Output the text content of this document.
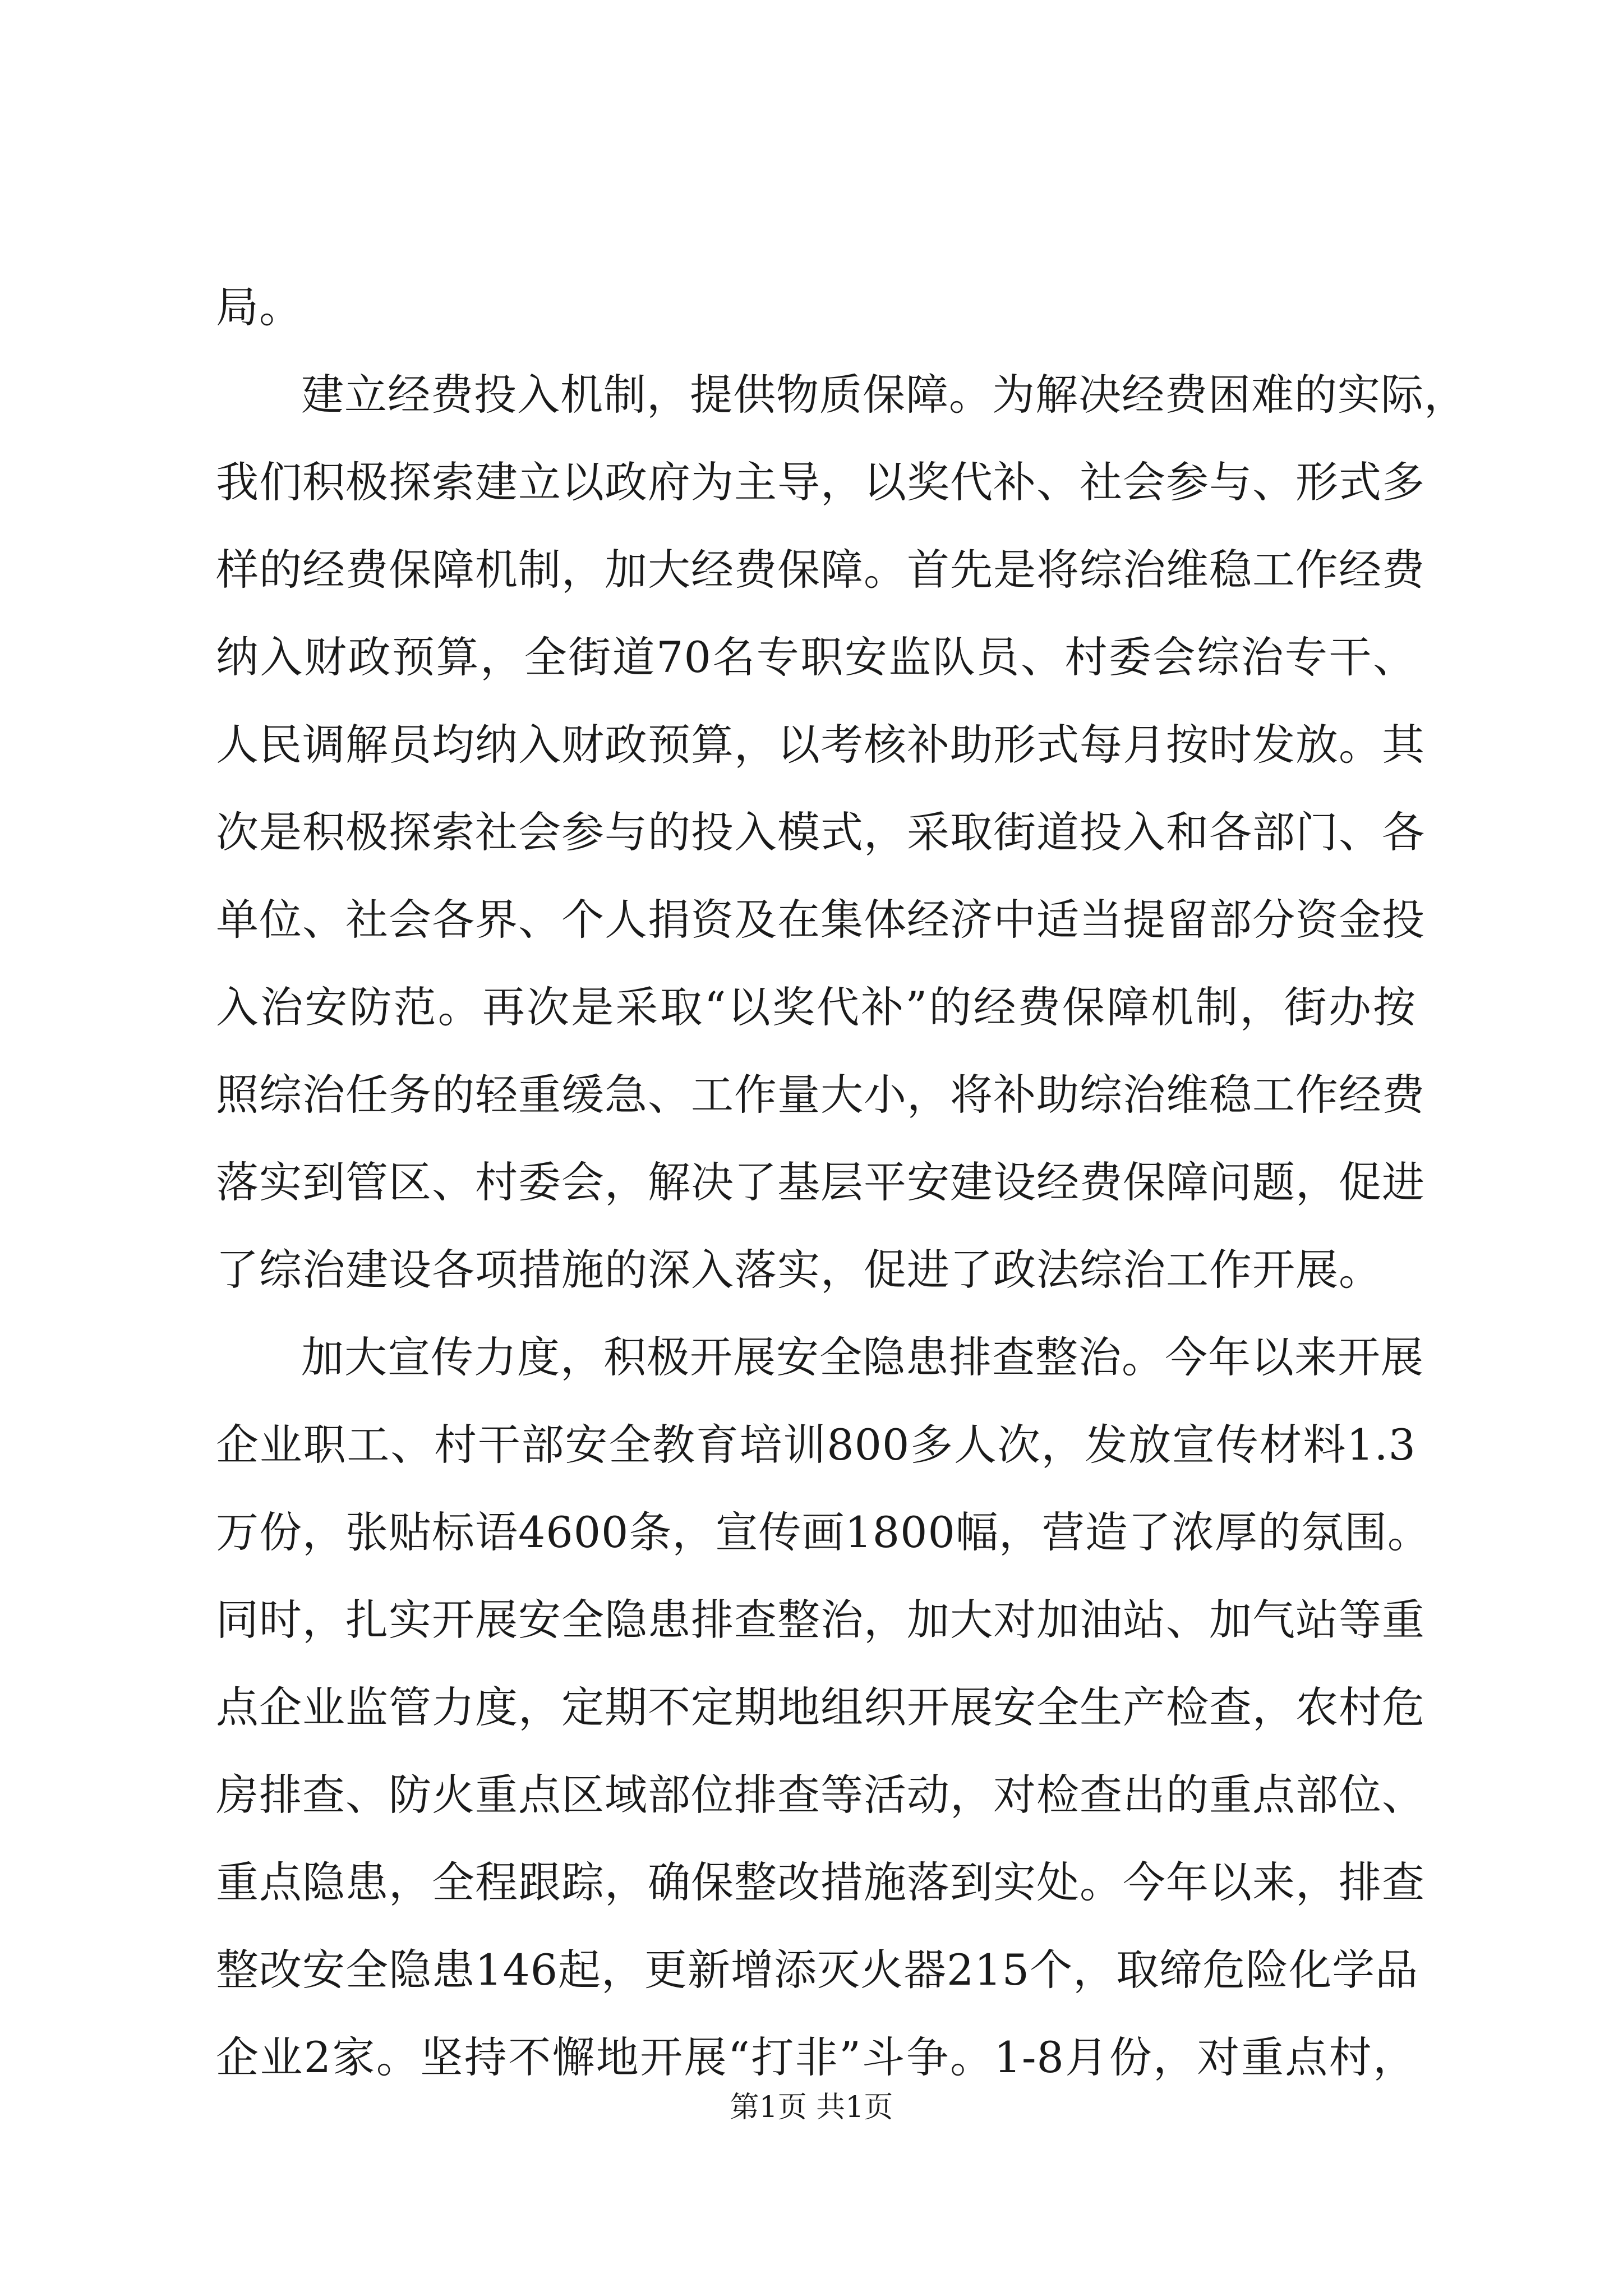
局。
建立经费投入机制，提供物质保障。为解决经费困难的实际，
我们积极探索建立以政府为主导，以奖代补、社会参与、形式多
样的经费保障机制，加大经费保障。首先是将综治维稳工作经费
纳入财政预算，全街道70名专职安监队员、村委会综治专干、
人民调解员均纳入财政预算，以考核补助形式每月按时发放。其
次是积极探索社会参与的投入模式，采取街道投入和各部门、各
单位、社会各界、个人捐资及在集体经济中适当提留部分资金投
入治安防范。再次是采取“以奖代补”的经费保障机制，街办按
照综治任务的轻重缓急、工作量大小，将补助综治维稳工作经费
落实到管区、村委会，解决了基层平安建设经费保障问题，促进
了综治建设各项措施的深入落实，促进了政法综治工作开展。
加大宣传力度，积极开展安全隐患排查整治。今年以来开展
企业职工、村干部安全教育培训800多人次，发放宣传材料1.3
万份，张贴标语4600条，宣传画1800幅，营造了浓厚的氛围。
同时，扎实开展安全隐患排查整治，加大对加油站、加气站等重
点企业监管力度，定期不定期地组织开展安全生产检查，农村危
房排查、防火重点区域部位排查等活动，对检查出的重点部位、
重点隐患，全程跟踪，确保整改措施落到实处。今年以来，排查
整改安全隐患146起，更新增添灭火器215个，取缔危险化学品
企业2家。坚持不懈地开展“打非”斗争。1-8月份，对重点村，
第1页 共1页
